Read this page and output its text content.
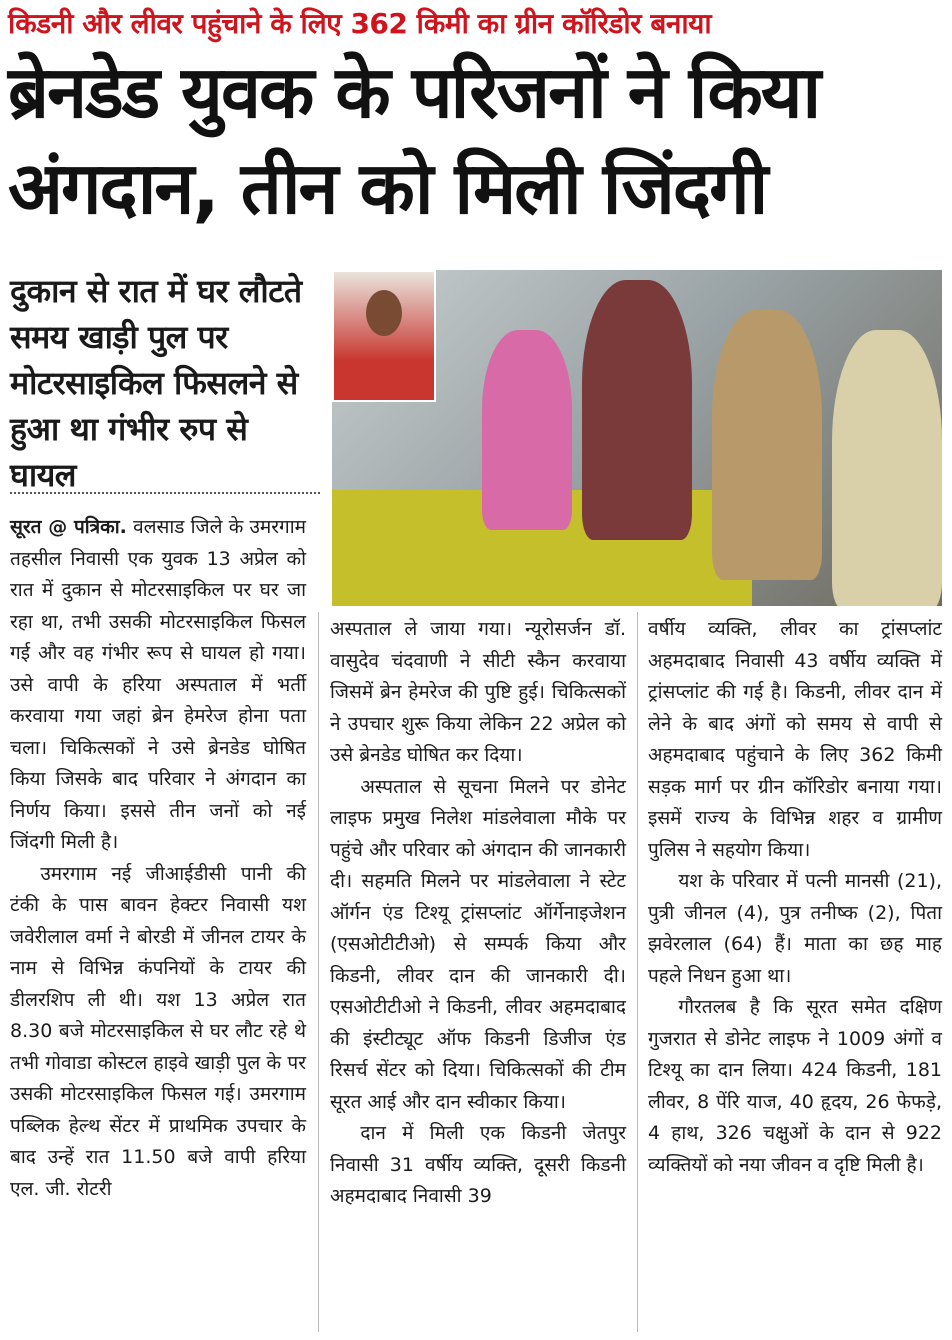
किडनी और लीवर पहुंचाने के लिए 362 किमी का ग्रीन कॉरिडोर बनाया
ब्रेनडेड युवक के परिजनों ने किया अंगदान, तीन को मिली जिंदगी
दुकान से रात में घर लौटते समय खाड़ी पुल पर मोटरसाइकिल फिसलने से हुआ था गंभीर रुप से घायल

सूरत @ पत्रिका. वलसाड जिले के उमरगाम तहसील निवासी एक युवक 13 अप्रेल को रात में दुकान से मोटरसाइकिल पर घर जा रहा था, तभी उसकी मोटरसाइकिल फिसल गई और वह गंभीर रूप से घायल हो गया। उसे वापी के हरिया अस्पताल में भर्ती करवाया गया जहां ब्रेन हेमरेज होना पता चला। चिकित्सकों ने उसे ब्रेनडेड घोषित किया जिसके बाद परिवार ने अंगदान का निर्णय किया। इससे तीन जनों को नई जिंदगी मिली है।

उमरगाम नई जीआईडीसी पानी की टंकी के पास बावन हेक्टर निवासी यश जवेरीलाल वर्मा ने बोरडी में जीनल टायर के नाम से विभिन्न कंपनियों के टायर की डीलरशिप ली थी। यश 13 अप्रेल रात 8.30 बजे मोटरसाइकिल से घर लौट रहे थे तभी गोवाडा कोस्टल हाइवे खाड़ी पुल के पर उसकी मोटरसाइकिल फिसल गई। उमरगाम पब्लिक हेल्थ सेंटर में प्राथमिक उपचार के बाद उन्हें रात 11.50 बजे वापी हरिया एल. जी. रोटरी

अस्पताल ले जाया गया। न्यूरोसर्जन डॉ. वासुदेव चंदवाणी ने सीटी स्कैन करवाया जिसमें ब्रेन हेमरेज की पुष्टि हुई। चिकित्सकों ने उपचार शुरू किया लेकिन 22 अप्रेल को उसे ब्रेनडेड घोषित कर दिया।

अस्पताल से सूचना मिलने पर डोनेट लाइफ प्रमुख निलेश मांडलेवाला मौके पर पहुंचे और परिवार को अंगदान की जानकारी दी। सहमति मिलने पर मांडलेवाला ने स्टेट ऑर्गन एंड टिश्यू ट्रांसप्लांट ऑर्गेनाइजेशन (एसओटीटीओ) से सम्पर्क किया और किडनी, लीवर दान की जानकारी दी। एसओटीटीओ ने किडनी, लीवर अहमदाबाद की इंस्टीट्यूट ऑफ किडनी डिजीज एंड रिसर्च सेंटर को दिया। चिकित्सकों की टीम सूरत आई और दान स्वीकार किया।

दान में मिली एक किडनी जेतपुर निवासी 31 वर्षीय व्यक्ति, दूसरी किडनी अहमदाबाद निवासी 39

वर्षीय व्यक्ति, लीवर का ट्रांसप्लांट अहमदाबाद निवासी 43 वर्षीय व्यक्ति में ट्रांसप्लांट की गई है। किडनी, लीवर दान में लेने के बाद अंगों को समय से वापी से अहमदाबाद पहुंचाने के लिए 362 किमी सड़क मार्ग पर ग्रीन कॉरिडोर बनाया गया। इसमें राज्य के विभिन्न शहर व ग्रामीण पुलिस ने सहयोग किया।

यश के परिवार में पत्नी मानसी (21), पुत्री जीनल (4), पुत्र तनीष्क (2), पिता झवेरलाल (64) हैं। माता का छह माह पहले निधन हुआ था।

गौरतलब है कि सूरत समेत दक्षिण गुजरात से डोनेट लाइफ ने 1009 अंगों व टिश्यू का दान लिया। 424 किडनी, 181 लीवर, 8 पेंरि याज, 40 हृदय, 26 फेफड़े, 4 हाथ, 326 चक्षुओं के दान से 922 व्यक्तियों को नया जीवन व दृष्टि मिली है।
